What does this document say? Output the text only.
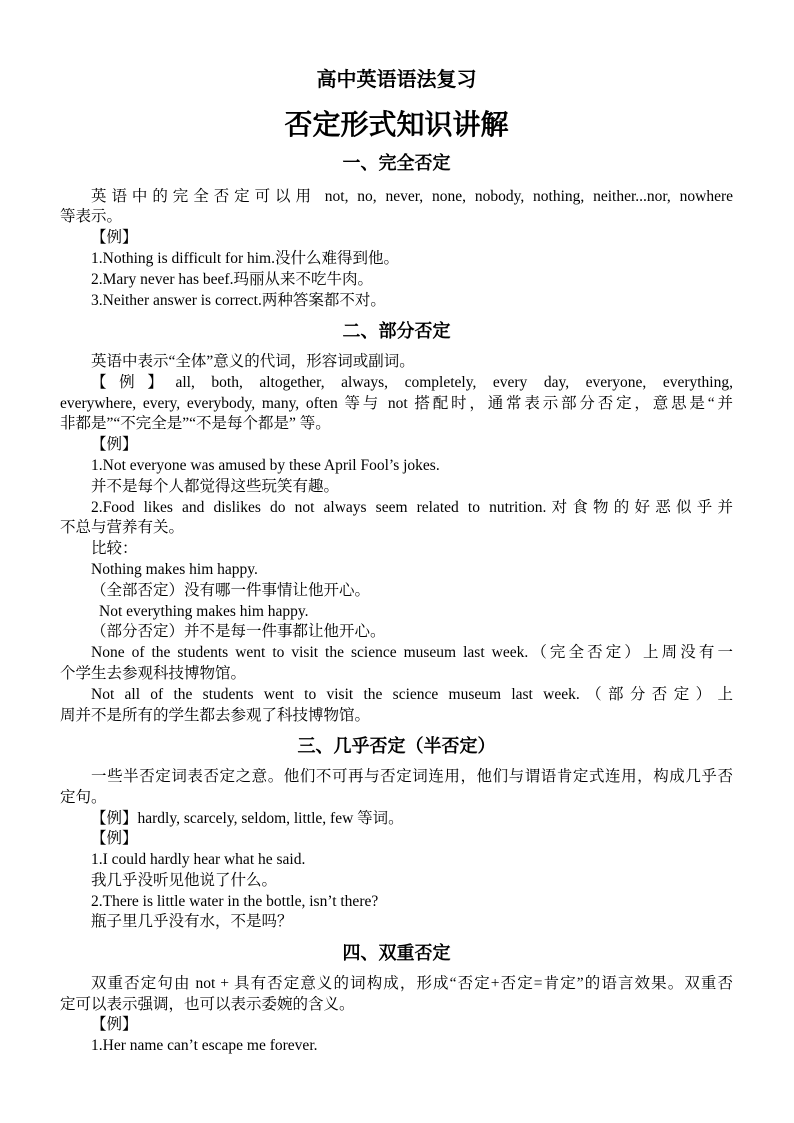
高中英语语法复习
否定形式知识讲解
一、完全否定

英语中的完全否定可以用 not, no, never, none, nobody, nothing, neither...nor, nowhere

等表示。

【例】

1.Nothing is difficult for him.没什么难得到他。

2.Mary never has beef.玛丽从来不吃牛肉。

3.Neither answer is correct.两种答案都不对。

二、部分否定

英语中表示“全体”意义的代词，形容词或副词。

【例】all, both, altogether, always, completely, every day, everyone, everything,

everywhere, every, everybody, many, often 等与 not 搭配时，通常表示部分否定，意思是“并

非都是”“不完全是”“不是每个都是” 等。

【例】

1.Not everyone was amused by these April Fool’s jokes.

并不是每个人都觉得这些玩笑有趣。

2.Food likes and dislikes do not always seem related to nutrition.对食物的好恶似乎并

不总与营养有关。

比较：

Nothing makes him happy.

（全部否定）没有哪一件事情让他开心。

Not everything makes him happy.

（部分否定）并不是每一件事都让他开心。

None of the students went to visit the science museum last week.（完全否定）上周没有一

个学生去参观科技博物馆。

Not all of the students went to visit the science museum last week.（部分否定）上

周并不是所有的学生都去参观了科技博物馆。

三、几乎否定（半否定）

一些半否定词表否定之意。他们不可再与否定词连用，他们与谓语肯定式连用，构成几乎否

定句。

【例】hardly, scarcely, seldom, little, few 等词。

【例】

1.I could hardly hear what he said.

我几乎没听见他说了什么。

2.There is little water in the bottle, isn’t there?

瓶子里几乎没有水，不是吗？

四、双重否定

双重否定句由 not + 具有否定意义的词构成，形成“否定+否定=肯定”的语言效果。双重否

定可以表示强调，也可以表示委婉的含义。

【例】

1.Her name can’t escape me forever.
